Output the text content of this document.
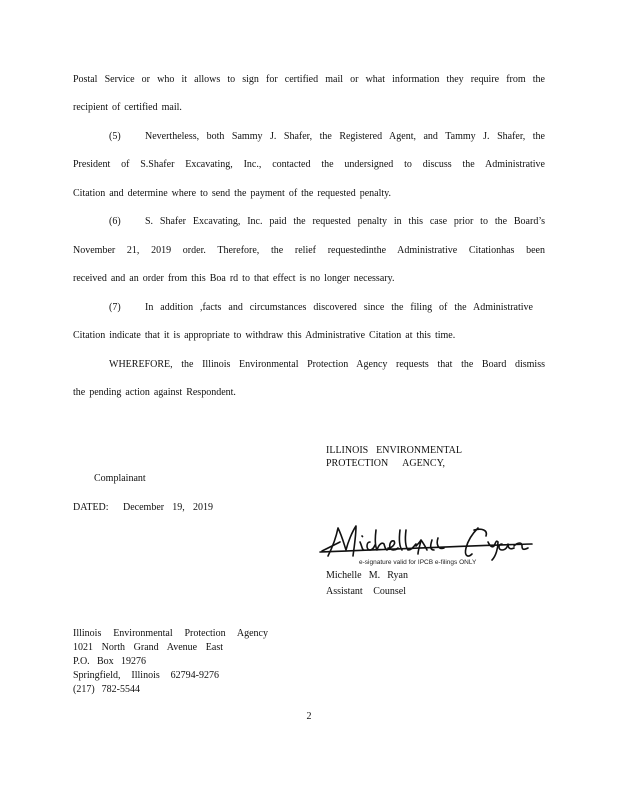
Postal Service or who it allows to sign for certified mail or what information they require from the
recipient of certified mail.
(5) Nevertheless, both Sammy J. Shafer, the Registered Agent, and Tammy J. Shafer, the
President of S.Shafer Excavating, Inc., contacted the undersigned to discuss the Administrative
Citation and determine where to send the payment of the requested penalty.
(6) S. Shafer Excavating, Inc. paid the requested penalty in this case prior to the Board’s
November 21, 2019 order. Therefore, the relief requestedinthe Administrative Citationhas been
received and an order from this Boa rd to that effect is no longer necessary.
(7) In addition ,facts and circumstances discovered since the filing of the Administrative
Citation indicate that it is appropriate to withdraw this Administrative Citation at this time.
WHEREFORE, the Illinois Environmental Protection Agency requests that the Board dismiss
the pending action against Respondent.
ILLINOIS ENVIRONMENTAL
PROTECTION AGENCY,
Complainant
DATED: December 19, 2019
e-signature valid for IPCB e-filings ONLY
Michelle M. Ryan
Assistant Counsel
Illinois Environmental Protection Agency
1021 North Grand Avenue East
P.O. Box 19276
Springfield, Illinois 62794-9276
(217) 782-5544
2
